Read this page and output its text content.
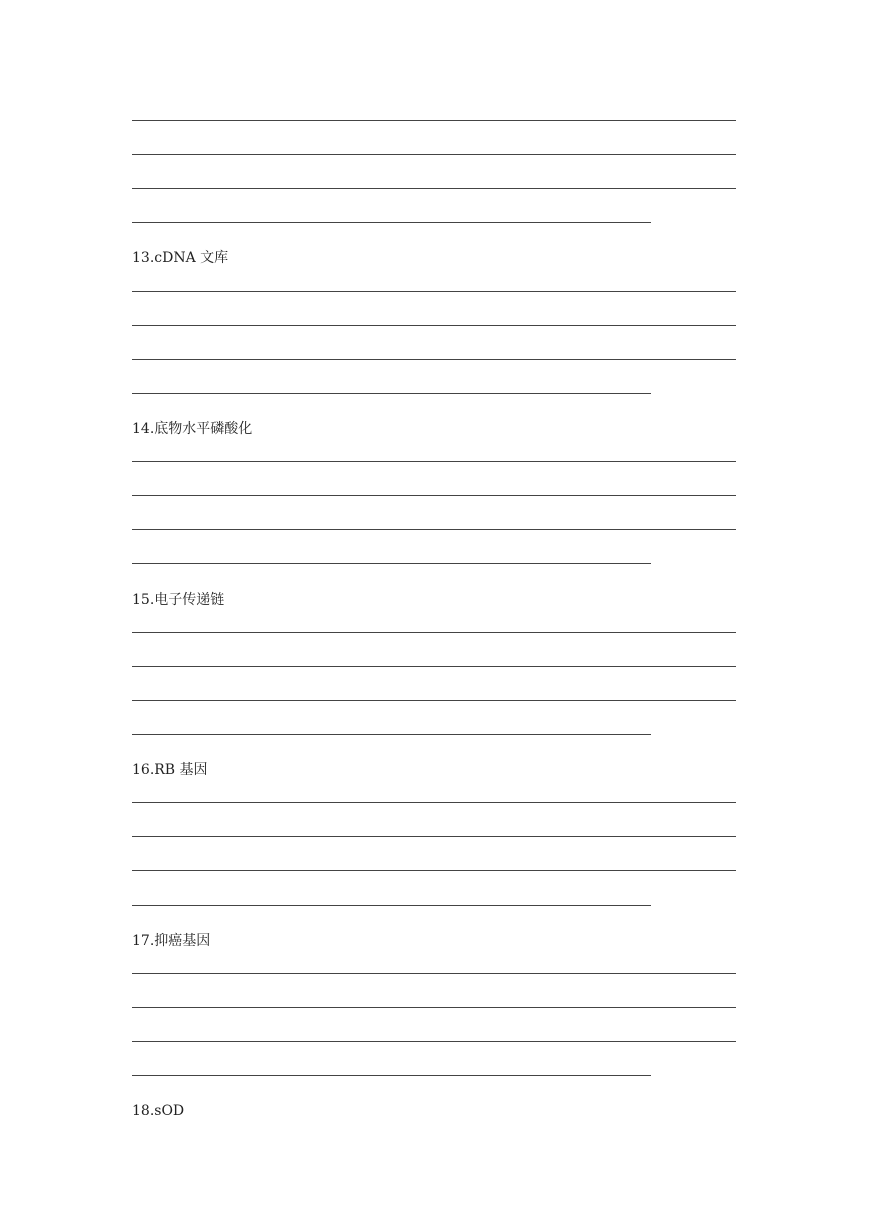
13.cDNA 文库
14.底物水平磷酸化
15.电子传递链
16.RB 基因
17.抑癌基因
18.sOD
